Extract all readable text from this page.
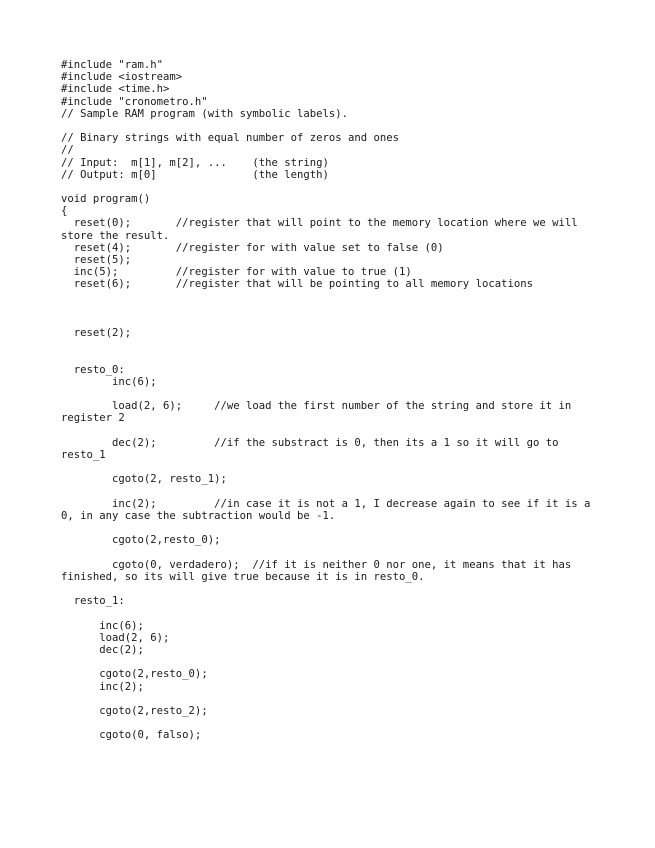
#include "ram.h"
#include <iostream>
#include <time.h>
#include "cronometro.h"
// Sample RAM program (with symbolic labels).
// Binary strings with equal number of zeros and ones
//
// Input:  m[1], m[2], ...    (the string)
// Output: m[0]               (the length)
void program()
{
reset(0);       //register that will point to the memory location where we will
store the result.
reset(4);       //register for with value set to false (0)
reset(5);
inc(5);         //register for with value to true (1)
reset(6);       //register that will be pointing to all memory locations
reset(2);
resto_0:
inc(6);
load(2, 6);     //we load the first number of the string and store it in
register 2
dec(2);         //if the substract is 0, then its a 1 so it will go to
resto_1
cgoto(2, resto_1);
inc(2);         //in case it is not a 1, I decrease again to see if it is a
0, in any case the subtraction would be -1.
cgoto(2,resto_0);
cgoto(0, verdadero);  //if it is neither 0 nor one, it means that it has
finished, so its will give true because it is in resto_0.
resto_1:
inc(6);
load(2, 6);
dec(2);
cgoto(2,resto_0);
inc(2);
cgoto(2,resto_2);
cgoto(0, falso);
